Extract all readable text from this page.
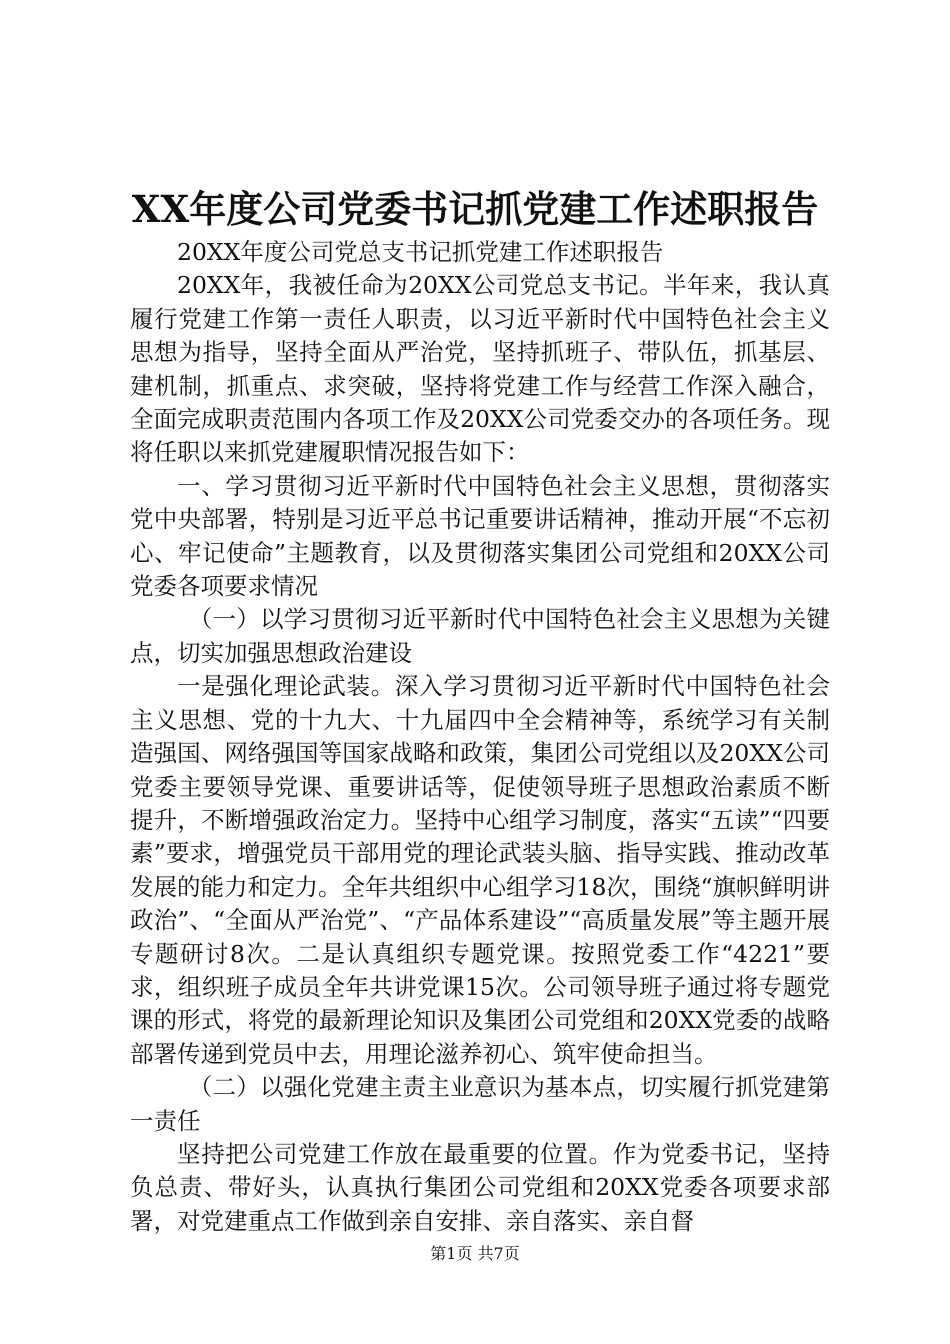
XX年度公司党委书记抓党建工作述职报告

20XX年度公司党总支书记抓党建工作述职报告

20XX年，我被任命为20XX公司党总支书记。半年来，我认真履行党建工作第一责任人职责，以习近平新时代中国特色社会主义思想为指导，坚持全面从严治党，坚持抓班子、带队伍，抓基层、建机制，抓重点、求突破，坚持将党建工作与经营工作深入融合，全面完成职责范围内各项工作及20XX公司党委交办的各项任务。现将任职以来抓党建履职情况报告如下：

一、学习贯彻习近平新时代中国特色社会主义思想，贯彻落实党中央部署，特别是习近平总书记重要讲话精神，推动开展“不忘初心、牢记使命”主题教育，以及贯彻落实集团公司党组和20XX公司党委各项要求情况

（一）以学习贯彻习近平新时代中国特色社会主义思想为关键点，切实加强思想政治建设

一是强化理论武装。深入学习贯彻习近平新时代中国特色社会主义思想、党的十九大、十九届四中全会精神等，系统学习有关制造强国、网络强国等国家战略和政策，集团公司党组以及20XX公司党委主要领导党课、重要讲话等，促使领导班子思想政治素质不断提升，不断增强政治定力。坚持中心组学习制度，落实“五读”“四要素”要求，增强党员干部用党的理论武装头脑、指导实践、推动改革发展的能力和定力。全年共组织中心组学习18次，围绕“旗帜鲜明讲政治”、“全面从严治党”、“产品体系建设”“高质量发展”等主题开展专题研讨8次。二是认真组织专题党课。按照党委工作“4221”要求，组织班子成员全年共讲党课15次。公司领导班子通过将专题党课的形式，将党的最新理论知识及集团公司党组和20XX党委的战略部署传递到党员中去，用理论滋养初心、筑牢使命担当。

（二）以强化党建主责主业意识为基本点，切实履行抓党建第一责任

坚持把公司党建工作放在最重要的位置。作为党委书记，坚持负总责、带好头，认真执行集团公司党组和20XX党委各项要求部署，对党建重点工作做到亲自安排、亲自落实、亲自督

第1页 共7页
